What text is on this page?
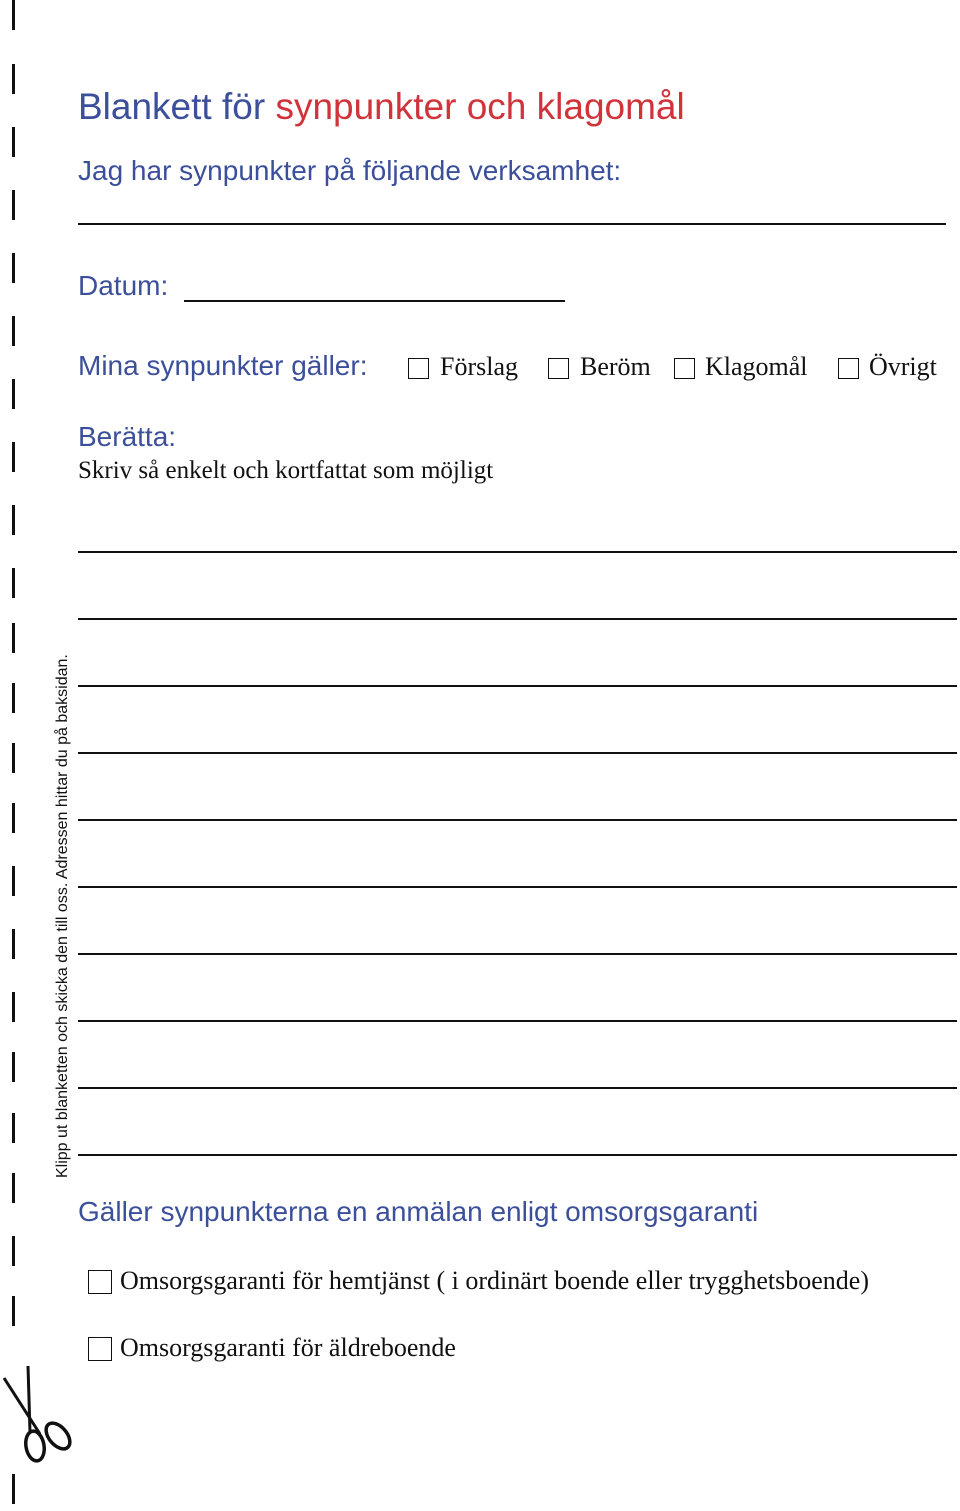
Klipp ut blanketten och skicka den till oss. Adressen hittar du på baksidan.
Blankett för synpunkter och klagomål
Jag har synpunkter på följande verksamhet:
Datum:
Mina synpunkter gäller:	Förslag Beröm Klagomål Övrigt
Berätta:
Skriv så enkelt och kortfattat som möjligt
Gäller synpunkterna en anmälan enligt omsorgsgaranti
Omsorgsgaranti för hemtjänst ( i ordinärt boende eller trygghetsboende)
Omsorgsgaranti för äldreboende
